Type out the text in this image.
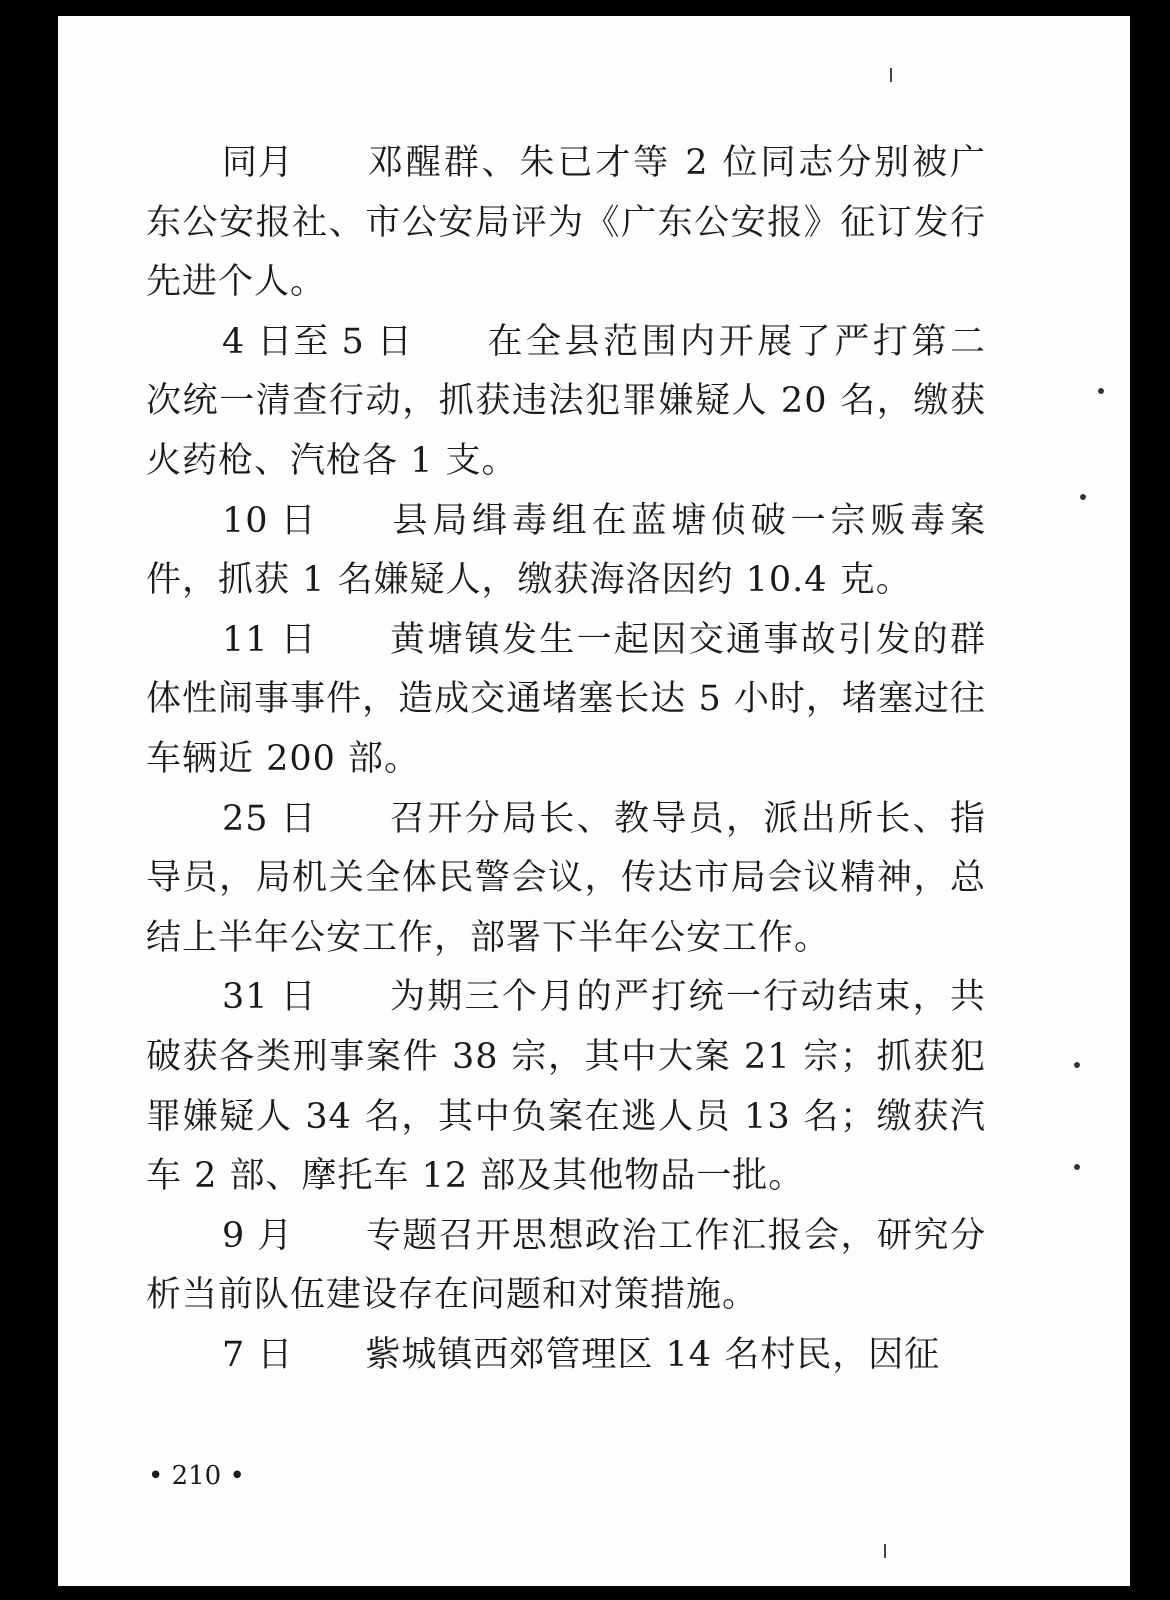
同月 邓醒群、朱已才等 2 位同志分别被广东公安报社、市公安局评为《广东公安报》征订发行先进个人。

4 日至 5 日 在全县范围内开展了严打第二次统一清查行动，抓获违法犯罪嫌疑人 20 名，缴获火药枪、汽枪各 1 支。

10 日 县局缉毒组在蓝塘侦破一宗贩毒案件，抓获 1 名嫌疑人，缴获海洛因约 10.4 克。

11 日 黄塘镇发生一起因交通事故引发的群体性闹事事件，造成交通堵塞长达 5 小时，堵塞过往车辆近 200 部。

25 日 召开分局长、教导员，派出所长、指导员，局机关全体民警会议，传达市局会议精神，总结上半年公安工作，部署下半年公安工作。

31 日 为期三个月的严打统一行动结束，共破获各类刑事案件 38 宗，其中大案 21 宗；抓获犯罪嫌疑人 34 名，其中负案在逃人员 13 名；缴获汽车 2 部、摩托车 12 部及其他物品一批。

9 月 专题召开思想政治工作汇报会，研究分析当前队伍建设存在问题和对策措施。

7 日 紫城镇西郊管理区 14 名村民，因征

• 210 •
